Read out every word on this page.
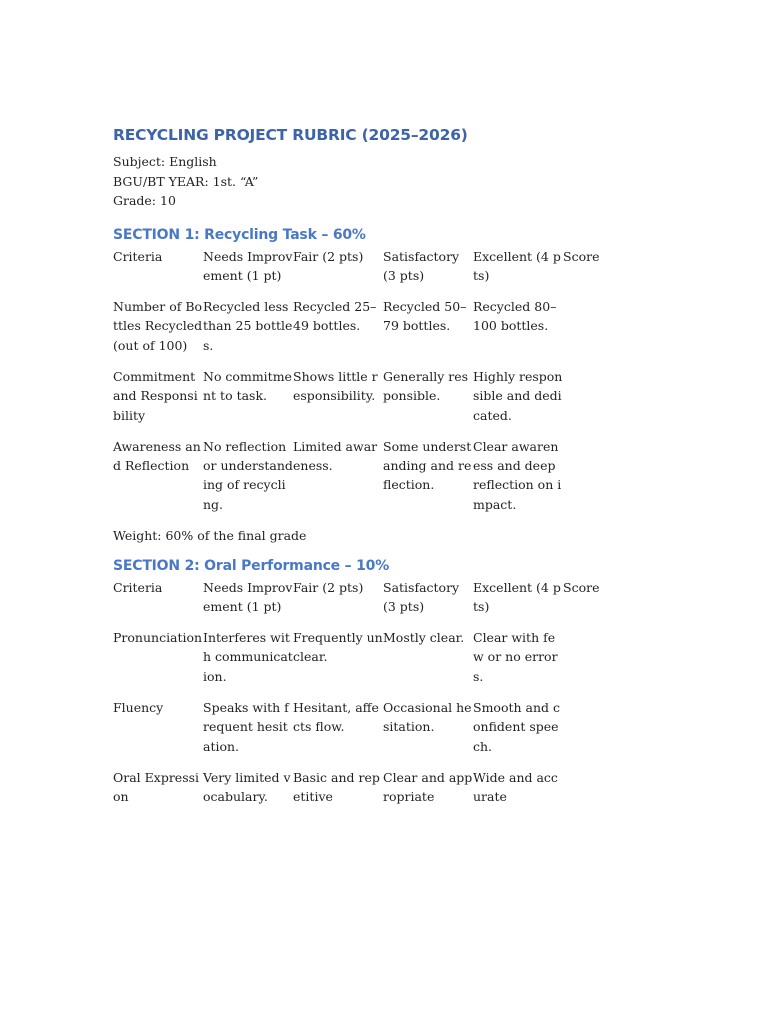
RECYCLING PROJECT RUBRIC (2025–2026)

Subject: English

BGU/BT YEAR: 1st. “A”

Grade: 10

SECTION 1: Recycling Task – 60%
Criteria	Needs Improvement (1 pt)	Fair (2 pts)	Satisfactory (3 pts)	Excellent (4 pts)	Score
Number of Bottles Recycled (out of 100)	Recycled less than 25 bottles.	Recycled 25–49 bottles.	Recycled 50–79 bottles.	Recycled 80–100 bottles.	
Commitment and Responsibility	No commitment to task.	Shows little responsibility.	Generally responsible.	Highly responsible and dedicated.	
Awareness and Reflection	No reflection or understanding of recycling.	Limited awareness.	Some understanding and reflection.	Clear awareness and deep reflection on impact.	

Weight: 60% of the final grade

SECTION 2: Oral Performance – 10%
Criteria	Needs Improvement (1 pt)	Fair (2 pts)	Satisfactory (3 pts)	Excellent (4 pts)	Score
Pronunciation	Interferes with communication.	Frequently unclear.	Mostly clear.	Clear with few or no errors.	
Fluency	Speaks with frequent hesitation.	Hesitant, affects flow.	Occasional hesitation.	Smooth and confident speech.	
Oral Expression	Very limited vocabulary.	Basic and repetitive	Clear and appropriate	Wide and accurate	
